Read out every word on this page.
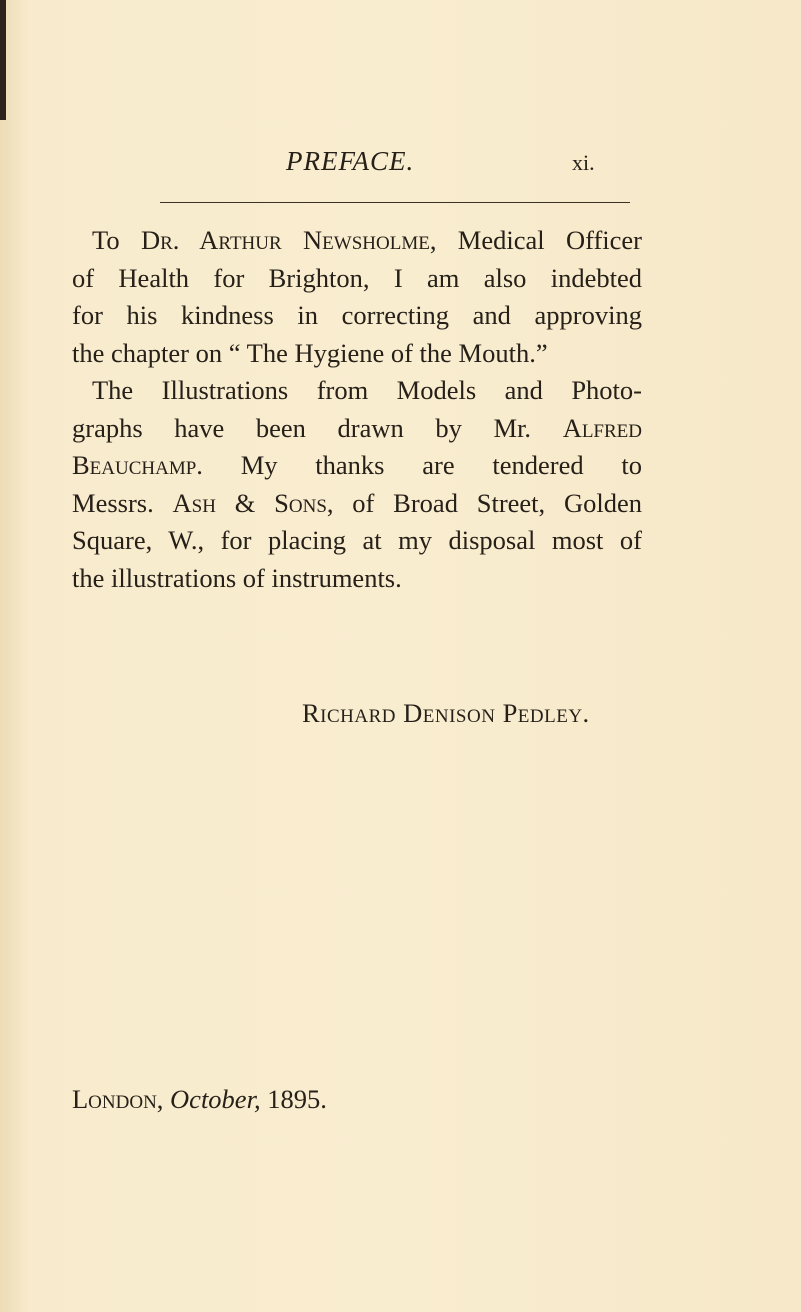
PREFACE.	xi.
To Dr. Arthur Newsholme, Medical Officer
of Health for Brighton, I am also indebted
for his kindness in correcting and approving
the chapter on “ The Hygiene of the Mouth.”
The Illustrations from Models and Photo-
graphs have been drawn by Mr. Alfred
Beauchamp. My thanks are tendered to
Messrs. Ash & Sons, of Broad Street, Golden
Square, W., for placing at my disposal most of
the illustrations of instruments.
Richard Denison Pedley.
London, October, 1895.
